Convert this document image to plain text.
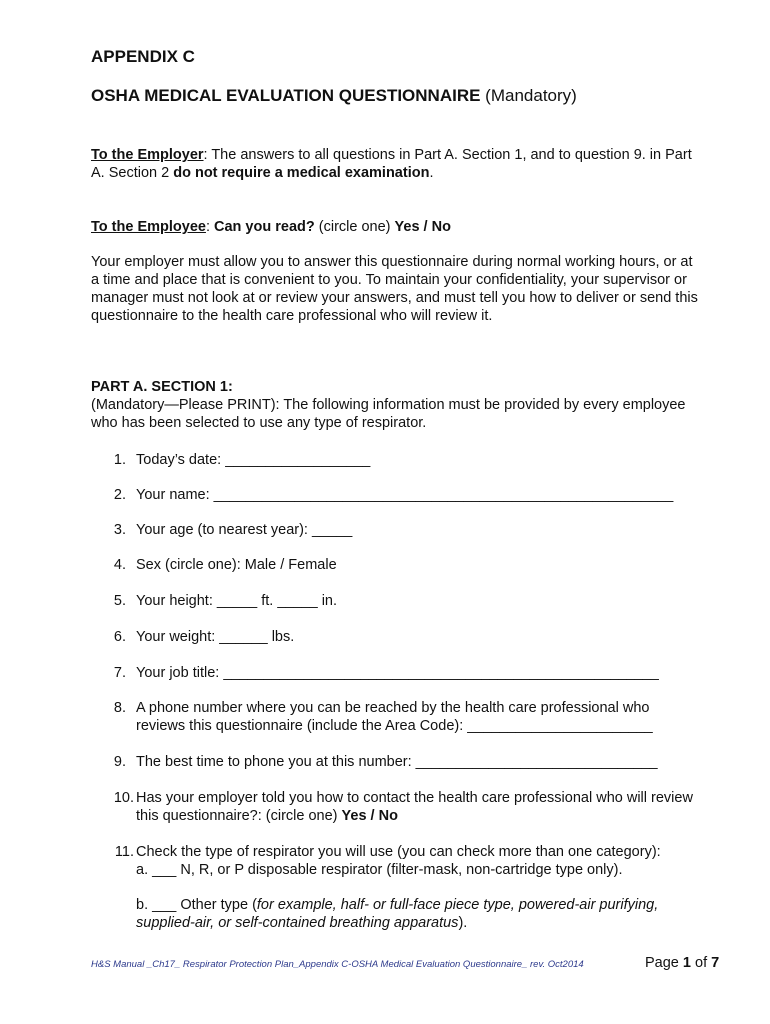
APPENDIX C
OSHA MEDICAL EVALUATION QUESTIONNAIRE (Mandatory)
To the Employer: The answers to all questions in Part A. Section 1, and to question 9. in Part
A. Section 2 do not require a medical examination.
To the Employee: Can you read? (circle one) Yes / No
Your employer must allow you to answer this questionnaire during normal working hours, or at
a time and place that is convenient to you. To maintain your confidentiality, your supervisor or
manager must not look at or review your answers, and must tell you how to deliver or send this
questionnaire to the health care professional who will review it.
PART A. SECTION 1:
(Mandatory—Please PRINT): The following information must be provided by every employee
who has been selected to use any type of respirator.
1. Today’s date: __________________
2. Your name: _________________________________________________________
3. Your age (to nearest year): _____
4. Sex (circle one): Male / Female
5. Your height: _____ ft. _____ in.
6. Your weight: ______ lbs.
7. Your job title: ______________________________________________________
8. A phone number where you can be reached by the health care professional who
reviews this questionnaire (include the Area Code): _______________________
9. The best time to phone you at this number: ______________________________
10. Has your employer told you how to contact the health care professional who will review
this questionnaire?: (circle one) Yes / No
11. Check the type of respirator you will use (you can check more than one category):
a. ___ N, R, or P disposable respirator (filter-mask, non-cartridge type only).
b. ___ Other type (for example, half- or full-face piece type, powered-air purifying,
supplied-air, or self-contained breathing apparatus).
H&S Manual _Ch17_ Respirator Protection Plan_Appendix C-OSHA Medical Evaluation Questionnaire_ rev. Oct2014	Page 1 of 7
